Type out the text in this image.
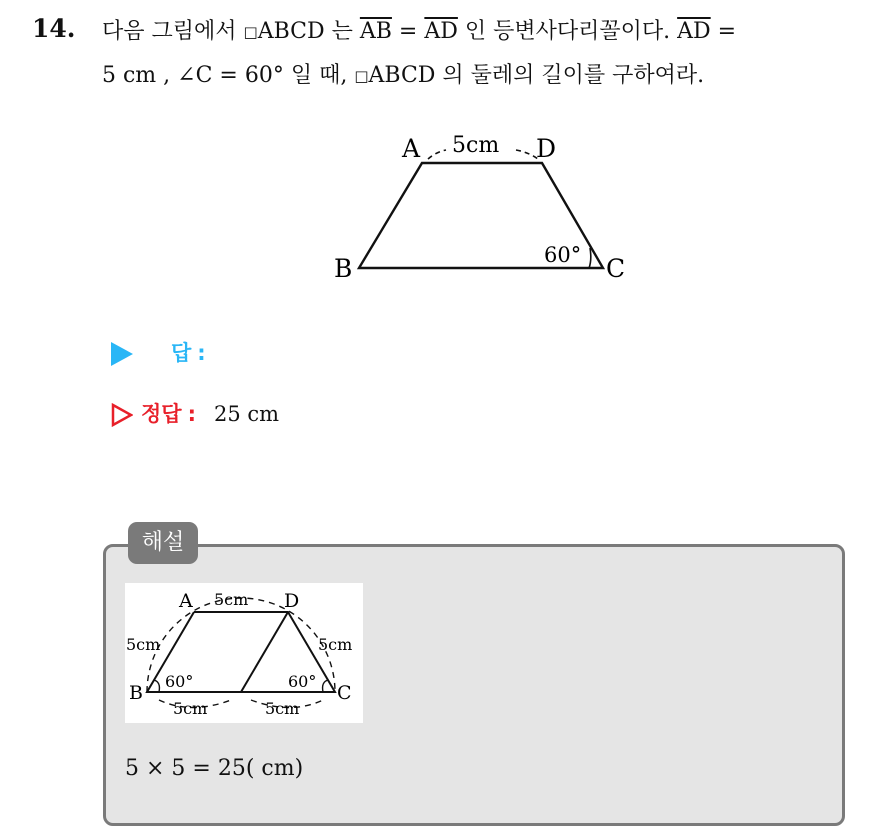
14. 다음 그림에서 □ABCD 는 $\overline{AB} = \overline{AD}$ 인 등변사다리꼴이다. $\overline{AD}$ =
5 cm , ∠C = 60° 일 때, □ABCD 의 둘레의 길이를 구하여라.
A	D
B	C
5cm
60°
답 :
정답 : 25 cm
해설
A	D
B	C
5cm
5cm	5cm
5cm	5cm
60°	60°
5 × 5 = 25( cm)
